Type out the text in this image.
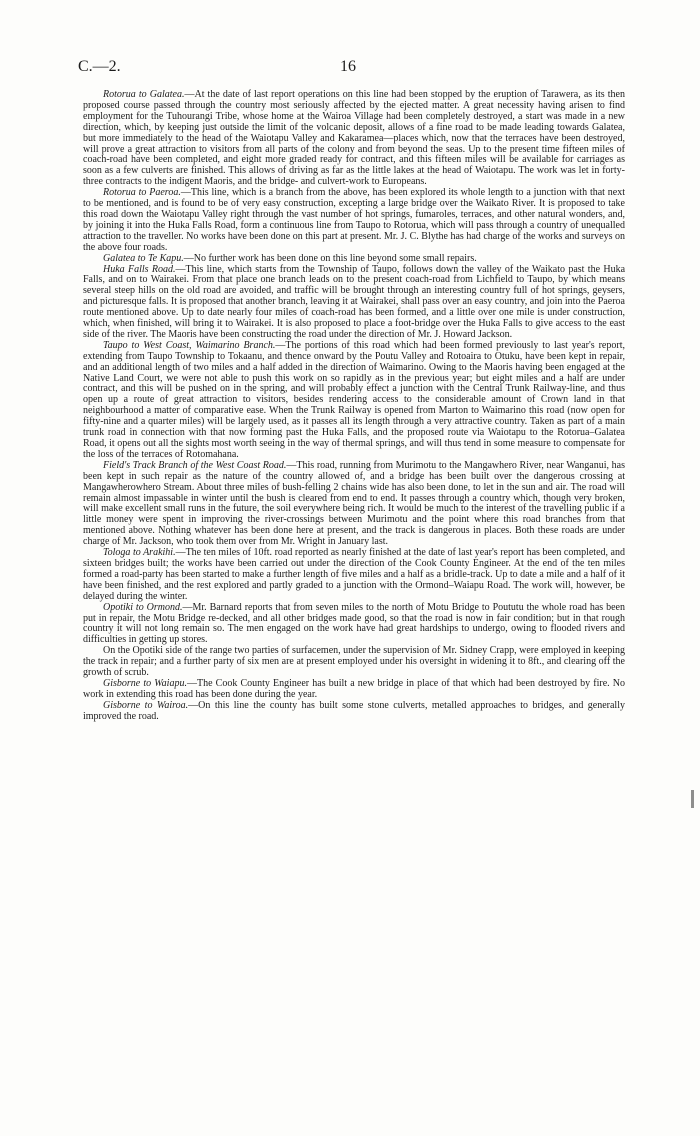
C.—2.	16

Rotorua to Galatea.—At the date of last report operations on this line had been stopped by the eruption of Tarawera, as its then proposed course passed through the country most seriously affected by the ejected matter. A great necessity having arisen to find employment for the Tuhourangi Tribe, whose home at the Wairoa Village had been completely destroyed, a start was made in a new direction, which, by keeping just outside the limit of the volcanic deposit, allows of a fine road to be made leading towards Galatea, but more immediately to the head of the Waiotapu Valley and Kakaramea—places which, now that the terraces have been destroyed, will prove a great attraction to visitors from all parts of the colony and from beyond the seas. Up to the present time fifteen miles of coach-road have been completed, and eight more graded ready for contract, and this fifteen miles will be available for carriages as soon as a few culverts are finished. This allows of driving as far as the little lakes at the head of Waiotapu. The work was let in forty-three contracts to the indigent Maoris, and the bridge- and culvert-work to Europeans.

Rotorua to Paeroa.—This line, which is a branch from the above, has been explored its whole length to a junction with that next to be mentioned, and is found to be of very easy construction, excepting a large bridge over the Waikato River. It is proposed to take this road down the Waiotapu Valley right through the vast number of hot springs, fumaroles, terraces, and other natural wonders, and, by joining it into the Huka Falls Road, form a continuous line from Taupo to Rotorua, which will pass through a country of unequalled attraction to the traveller. No works have been done on this part at present. Mr. J. C. Blythe has had charge of the works and surveys on the above four roads.

Galatea to Te Kapu.—No further work has been done on this line beyond some small repairs.

Huka Falls Road.—This line, which starts from the Township of Taupo, follows down the valley of the Waikato past the Huka Falls, and on to Wairakei. From that place one branch leads on to the present coach-road from Lichfield to Taupo, by which means several steep hills on the old road are avoided, and traffic will be brought through an interesting country full of hot springs, geysers, and picturesque falls. It is proposed that another branch, leaving it at Wairakei, shall pass over an easy country, and join into the Paeroa route mentioned above. Up to date nearly four miles of coach-road has been formed, and a little over one mile is under construction, which, when finished, will bring it to Wairakei. It is also proposed to place a foot-bridge over the Huka Falls to give access to the east side of the river. The Maoris have been constructing the road under the direction of Mr. J. Howard Jackson.

Taupo to West Coast, Waimarino Branch.—The portions of this road which had been formed previously to last year's report, extending from Taupo Township to Tokaanu, and thence onward by the Poutu Valley and Rotoaira to Otuku, have been kept in repair, and an additional length of two miles and a half added in the direction of Waimarino. Owing to the Maoris having been engaged at the Native Land Court, we were not able to push this work on so rapidly as in the previous year; but eight miles and a half are under contract, and this will be pushed on in the spring, and will probably effect a junction with the Central Trunk Railway-line, and thus open up a route of great attraction to visitors, besides rendering access to the considerable amount of Crown land in that neighbourhood a matter of comparative ease. When the Trunk Railway is opened from Marton to Waimarino this road (now open for fifty-nine and a quarter miles) will be largely used, as it passes all its length through a very attractive country. Taken as part of a main trunk road in connection with that now forming past the Huka Falls, and the proposed route via Waiotapu to the Rotorua–Galatea Road, it opens out all the sights most worth seeing in the way of thermal springs, and will thus tend in some measure to compensate for the loss of the terraces of Rotomahana.

Field's Track Branch of the West Coast Road.—This road, running from Murimotu to the Mangawhero River, near Wanganui, has been kept in such repair as the nature of the country allowed of, and a bridge has been built over the dangerous crossing at Mangawherowhero Stream. About three miles of bush-felling 2 chains wide has also been done, to let in the sun and air. The road will remain almost impassable in winter until the bush is cleared from end to end. It passes through a country which, though very broken, will make excellent small runs in the future, the soil everywhere being rich. It would be much to the interest of the travelling public if a little money were spent in improving the river-crossings between Murimotu and the point where this road branches from that mentioned above. Nothing whatever has been done here at present, and the track is dangerous in places. Both these roads are under charge of Mr. Jackson, who took them over from Mr. Wright in January last.

Tologa to Arakihi.—The ten miles of 10ft. road reported as nearly finished at the date of last year's report has been completed, and sixteen bridges built; the works have been carried out under the direction of the Cook County Engineer. At the end of the ten miles formed a road-party has been started to make a further length of five miles and a half as a bridle-track. Up to date a mile and a half of it have been finished, and the rest explored and partly graded to a junction with the Ormond–Waiapu Road. The work will, however, be delayed during the winter.

Opotiki to Ormond.—Mr. Barnard reports that from seven miles to the north of Motu Bridge to Poututu the whole road has been put in repair, the Motu Bridge re-decked, and all other bridges made good, so that the road is now in fair condition; but in that rough country it will not long remain so. The men engaged on the work have had great hardships to undergo, owing to flooded rivers and difficulties in getting up stores.

On the Opotiki side of the range two parties of surfacemen, under the supervision of Mr. Sidney Crapp, were employed in keeping the track in repair; and a further party of six men are at present employed under his oversight in widening it to 8ft., and clearing off the growth of scrub.

Gisborne to Waiapu.—The Cook County Engineer has built a new bridge in place of that which had been destroyed by fire. No work in extending this road has been done during the year.

Gisborne to Wairoa.—On this line the county has built some stone culverts, metalled approaches to bridges, and generally improved the road.
